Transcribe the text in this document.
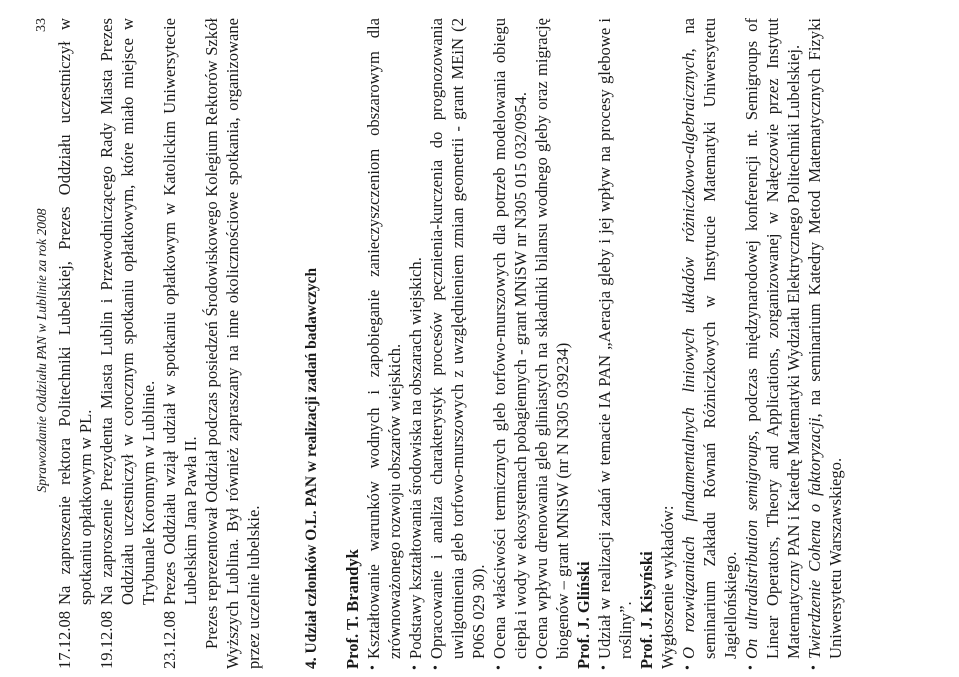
Sprawozdanie Oddziału PAN w Lublinie za rok 2008
33
17.12.08

Na zaproszenie rektora Politechniki Lubelskiej, Prezes Oddziału uczestniczył w spotkaniu opłatkowym w PL.

19.12.08

Na zaproszenie Prezydenta Miasta Lublin i Przewodniczącego Rady Miasta Prezes Oddziału uczestniczył w corocznym spotkaniu opłatkowym, które miało miejsce w Trybunale Koronnym w Lublinie.

23.12.08

Prezes Oddziału wziął udział w spotkaniu opłatkowym w Katolickim Uniwersytecie Lubelskim Jana Pawła II. Prezes reprezentował Oddział podczas posiedzeń Środowiskowego Kolegium Rektorów Szkół Wyższych Lublina. Był również zapraszany na inne okolicznościowe spotkania, organizowane przez uczelnie lubelskie.	4. Udział członków O.L. PAN w realizacji zadań badawczych Prof. T. Brandyk • Kształtowanie warunków wodnych i zapobieganie zanieczyszczeniom obszarowym dla zrównoważonego rozwoju obszarów wiejskich. • Podstawy kształtowania środowiska na obszarach wiejskich. • Opracowanie i analiza charakterystyk procesów pęcznienia-kurczenia do prognozowania uwilgotnienia gleb torfowo-murszowych z uwzględnieniem zmian geometrii - grant MEiN (2 P06S 029 30). • Ocena właściwości termicznych gleb torfowo-murszowych dla potrzeb modelowania obiegu ciepła i wody w ekosystemach pobagiennych - grant MNiSW nr N305 015 032/0954. • Ocena wpływu drenowania gleb gliniastych na składniki bilansu wodnego gleby oraz migrację biogenów – grant MNiSW (nr N N305 039234) Prof. J. Gliński • Udział w realizacji zadań w temacie IA PAN „Aeracja gleby i jej wpływ na procesy glebowe i rośliny”. Prof. J. Kisyński Wygłoszenie wykładów: • O rozwiązaniach fundamentalnych liniowych układów różniczkowo-algebraicznych, na seminarium Zakładu Równań Różniczkowych w Instytucie Matematyki Uniwersytetu Jagiellońskiego. • On ultradistribution semigroups, podczas międzynarodowej konferencji nt. Semigroups of Linear Operators, Theory and Applications, zorganizowanej w Nałęczowie przez Instytut Matematyczny PAN i Katedrę Matematyki Wydziału Elektrycznego Politechniki Lubelskiej. • Twierdzenie Cohena o faktoryzacji, na seminarium Katedry Metod Matematycznych Fizyki Uniwersytetu Warszawskiego.
